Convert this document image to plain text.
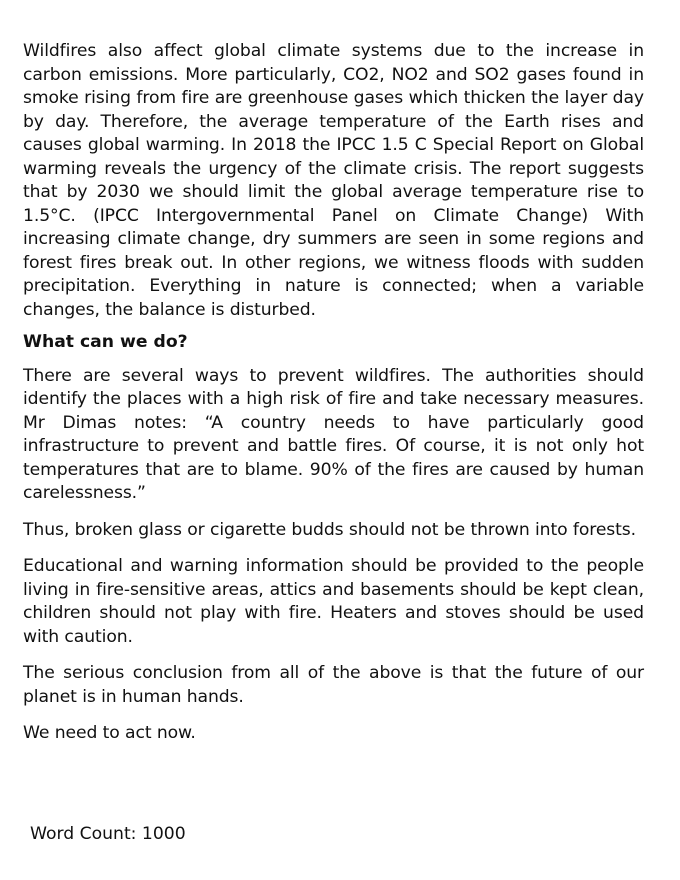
Wildfires also affect global climate systems due to the increase in carbon emissions. More particularly, CO2, NO2 and SO2 gases found in smoke rising from fire are greenhouse gases which thicken the layer day by day. Therefore, the average temperature of the Earth rises and causes global warming. In 2018 the IPCC 1.5 C Special Report on Global warming reveals the urgency of the climate crisis. The report suggests that by 2030 we should limit the global average temperature rise to 1.5°C. (IPCC Intergovernmental Panel on Climate Change) With increasing climate change, dry summers are seen in some regions and forest fires break out. In other regions, we witness floods with sudden precipitation. Everything in nature is connected; when a variable changes, the balance is disturbed.

What can we do?

There are several ways to prevent wildfires. The authorities should identify the places with a high risk of fire and take necessary measures. Mr Dimas notes: “A country needs to have particularly good infrastructure to prevent and battle fires. Of course, it is not only hot temperatures that are to blame. 90% of the fires are caused by human carelessness.”

Thus, broken glass or cigarette budds should not be thrown into forests.

Educational and warning information should be provided to the people living in fire-sensitive areas, attics and basements should be kept clean, children should not play with fire. Heaters and stoves should be used with caution.

The serious conclusion from all of the above is that the future of our planet is in human hands.

We need to act now.

Word Count: 1000
